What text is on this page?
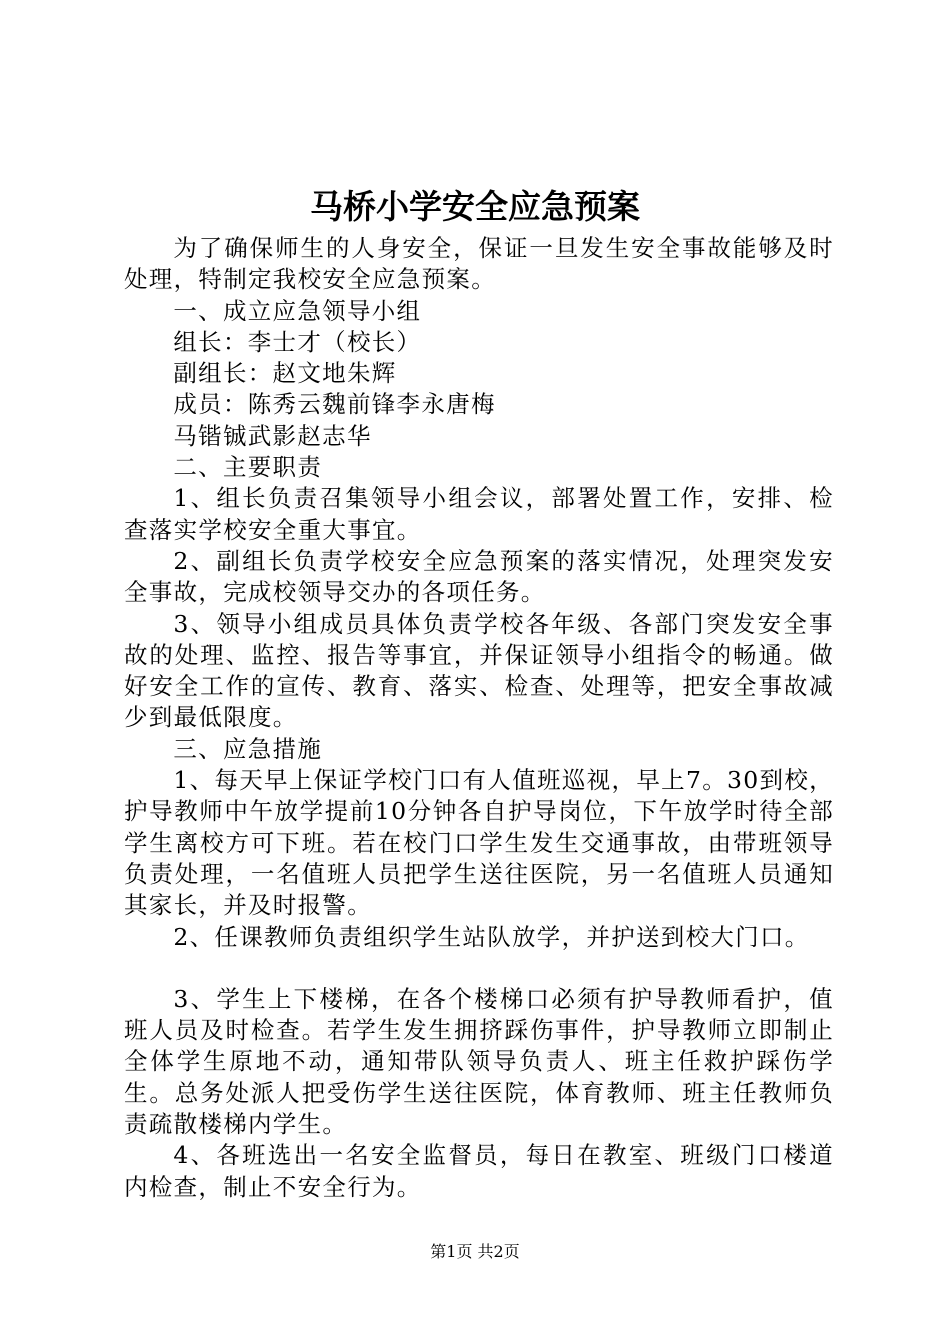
马桥小学安全应急预案

为了确保师生的人身安全，保证一旦发生安全事故能够及时处理，特制定我校安全应急预案。

一、成立应急领导小组

组长：李士才（校长）

副组长：赵文地朱辉

成员：陈秀云魏前锋李永唐梅

马锴铖武影赵志华

二、主要职责

1、组长负责召集领导小组会议，部署处置工作，安排、检查落实学校安全重大事宜。

2、副组长负责学校安全应急预案的落实情况，处理突发安全事故，完成校领导交办的各项任务。

3、领导小组成员具体负责学校各年级、各部门突发安全事故的处理、监控、报告等事宜，并保证领导小组指令的畅通。做好安全工作的宣传、教育、落实、检查、处理等，把安全事故减少到最低限度。

三、应急措施

1、每天早上保证学校门口有人值班巡视，早上7。30到校，护导教师中午放学提前10分钟各自护导岗位，下午放学时待全部学生离校方可下班。若在校门口学生发生交通事故，由带班领导负责处理，一名值班人员把学生送往医院，另一名值班人员通知其家长，并及时报警。

2、任课教师负责组织学生站队放学，并护送到校大门口。

3、学生上下楼梯，在各个楼梯口必须有护导教师看护，值班人员及时检查。若学生发生拥挤踩伤事件，护导教师立即制止全体学生原地不动，通知带队领导负责人、班主任救护踩伤学生。总务处派人把受伤学生送往医院，体育教师、班主任教师负责疏散楼梯内学生。

4、各班选出一名安全监督员，每日在教室、班级门口楼道内检查，制止不安全行为。

第1页 共2页
